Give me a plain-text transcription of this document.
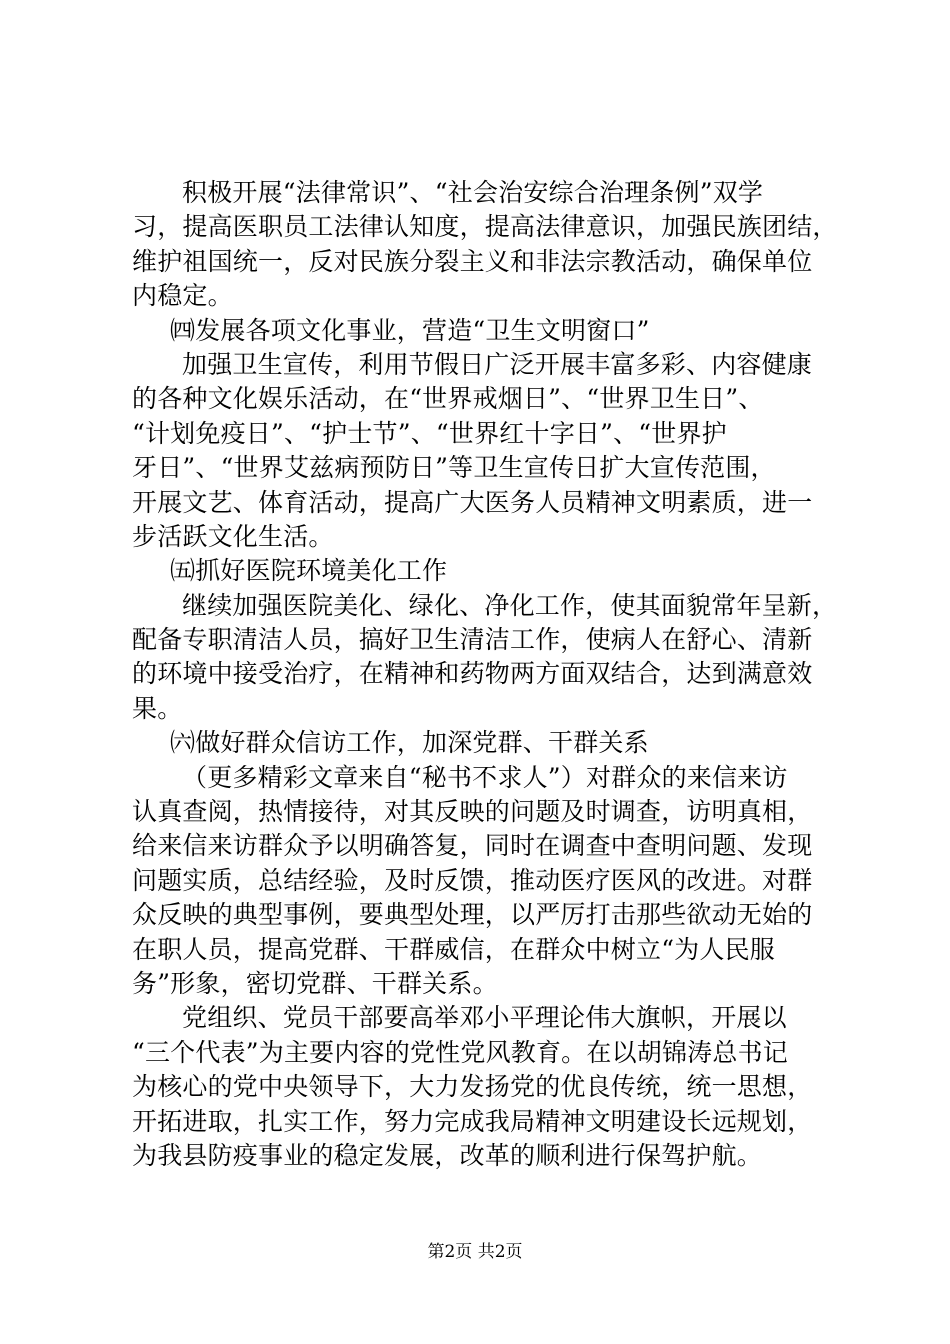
积极开展“法律常识”、“社会治安综合治理条例”双学
习，提高医职员工法律认知度，提高法律意识，加强民族团结，
维护祖国统一，反对民族分裂主义和非法宗教活动，确保单位
内稳定。
㈣发展各项文化事业，营造“卫生文明窗口”
加强卫生宣传，利用节假日广泛开展丰富多彩、内容健康
的各种文化娱乐活动，在“世界戒烟日”、“世界卫生日”、
“计划免疫日”、“护士节”、“世界红十字日”、“世界护
牙日”、“世界艾兹病预防日”等卫生宣传日扩大宣传范围，
开展文艺、体育活动，提高广大医务人员精神文明素质，进一
步活跃文化生活。
㈤抓好医院环境美化工作
继续加强医院美化、绿化、净化工作，使其面貌常年呈新，
配备专职清洁人员，搞好卫生清洁工作，使病人在舒心、清新
的环境中接受治疗，在精神和药物两方面双结合，达到满意效
果。
㈥做好群众信访工作，加深党群、干群关系
（更多精彩文章来自“秘书不求人”）对群众的来信来访
认真查阅，热情接待，对其反映的问题及时调查，访明真相，
给来信来访群众予以明确答复，同时在调查中查明问题、发现
问题实质，总结经验，及时反馈，推动医疗医风的改进。对群
众反映的典型事例，要典型处理，以严厉打击那些欲动无始的
在职人员，提高党群、干群威信，在群众中树立“为人民服
务”形象，密切党群、干群关系。
党组织、党员干部要高举邓小平理论伟大旗帜，开展以
“三个代表”为主要内容的党性党风教育。在以胡锦涛总书记
为核心的党中央领导下，大力发扬党的优良传统，统一思想，
开拓进取，扎实工作，努力完成我局精神文明建设长远规划，
为我县防疫事业的稳定发展，改革的顺利进行保驾护航。
第2页 共2页
